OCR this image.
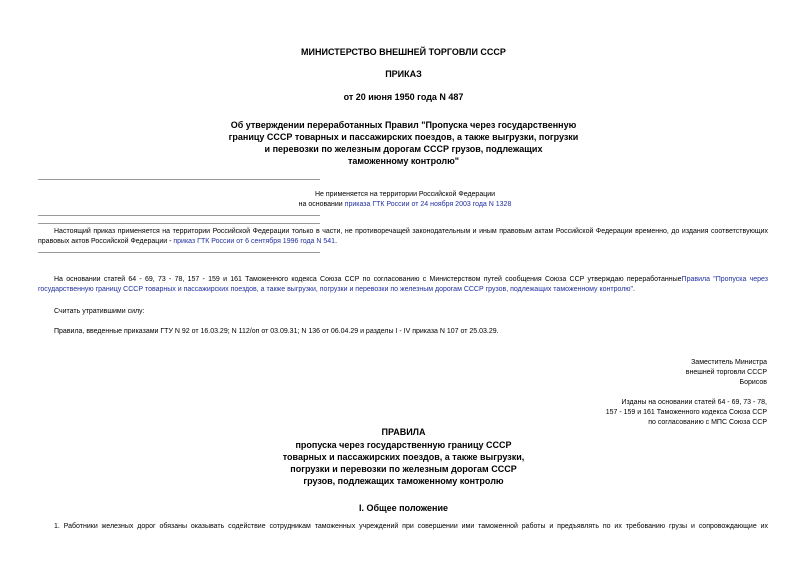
МИНИСТЕРСТВО ВНЕШНЕЙ ТОРГОВЛИ СССР

ПРИКАЗ

от 20 июня 1950 года N 487

Об утверждении переработанных Правил "Пропуска через государственную
границу СССР товарных и пассажирских поездов, а также выгрузки, погрузки
и перевозки по железным дорогам СССР грузов, подлежащих
таможенному контролю"
Не применяется на территории Российской Федерации
на основании приказа ГТК России от 24 ноября 2003 года N 1328

Настоящий приказ применяется на территории Российской Федерации только в части, не противоречащей законодательным и иным правовым актам Российской Федерации временно, до издания соответствующих правовых актов Российской Федерации - приказ ГТК России от 6 сентября 1996 года N 541.

На основании статей 64 - 69, 73 - 78, 157 - 159 и 161 Таможенного кодекса Союза ССР по согласованию с Министерством путей сообщения Союза ССР утверждаю переработанныеПравила "Пропуска через государственную границу СССР товарных и пассажирских поездов, а также выгрузки, погрузки и перевозки по железным дорогам СССР грузов, подлежащих таможенному контролю".

Считать утратившими силу:

Правила, введенные приказами ГТУ N 92 от 16.03.29; N 112/оп от 03.09.31; N 136 от 06.04.29 и разделы I - IV приказа N 107 от 25.03.29.

Заместитель Министра
внешней торговли СССР
Борисов
Изданы на основании статей 64 - 69, 73 - 78,
157 - 159 и 161 Таможенного кодекса Союза ССР
по согласованию с МПС Союза ССР

ПРАВИЛА

пропуска через государственную границу СССР
товарных и пассажирских поездов, а также выгрузки,
погрузки и перевозки по железным дорогам СССР
грузов, подлежащих таможенному контролю

I. Общее положение

1. Работники железных дорог обязаны оказывать содействие сотрудникам таможенных учреждений при совершении ими таможенной работы и предъявлять по их требованию грузы и сопровождающие их
